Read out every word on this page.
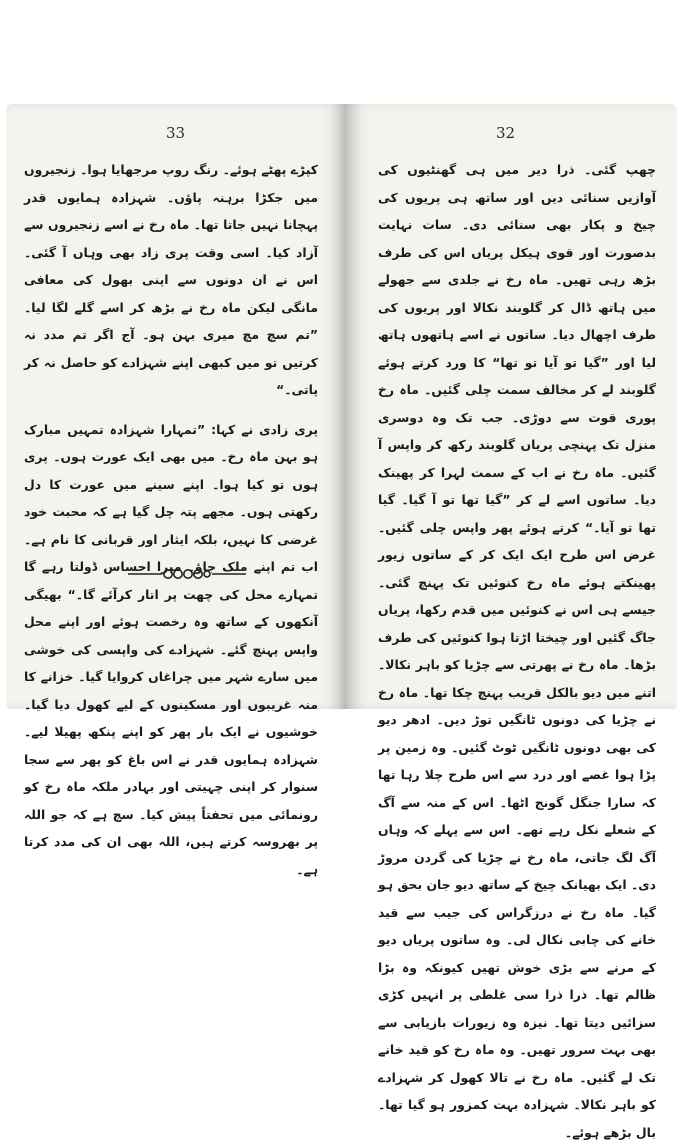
33

کپڑے پھٹے ہوئے۔ رنگ روپ مرجھایا ہوا۔ زنجیروں میں جکڑا برہنہ پاؤں۔ شہزادہ ہمایوں قدر پہچانا نہیں جاتا تھا۔ ماہ رخ نے اسے زنجیروں سے آزاد کیا۔ اسی وقت پری زاد بھی وہاں آ گئی۔ اس نے ان دونوں سے اپنی بھول کی معافی مانگی لیکن ماہ رخ نے بڑھ کر اسے گلے لگا لیا۔ ”تم سچ مچ میری بہن ہو۔ آج اگر تم مدد نہ کرتیں تو میں کبھی اپنے شہزادے کو حاصل نہ کر پاتی۔“

پری زادی نے کہا: ”تمہارا شہزادہ تمہیں مبارک ہو بہن ماہ رخ۔ میں بھی ایک عورت ہوں۔ پری ہوں تو کیا ہوا۔ اپنے سینے میں عورت کا دل رکھتی ہوں۔ مجھے پتہ چل گیا ہے کہ محبت خود غرضی کا نہیں، بلکہ ایثار اور قربانی کا نام ہے۔ اب تم اپنے ملک جاؤ۔ میرا احساس ڈولتا رہے گا تمہارے محل کی چھت پر اتار کرآئے گا۔“ بھیگی آنکھوں کے ساتھ وہ رخصت ہوئے اور اپنے محل واپس پہنچ گئے۔ شہزادے کی واپسی کی خوشی میں سارے شہر میں چراغاں کروایا گیا۔ خزانے کا منہ غریبوں اور مسکینوں کے لیے کھول دیا گیا۔ خوشیوں نے ایک بار پھر کو اپنے پنکھ پھیلا لیے۔ شہزادہ ہمایوں قدر نے اس باغ کو پھر سے سجا سنوار کر اپنی چہیتی اور بہادر ملکہ ماہ رخ کو رونمائی میں تحفتاً پیش کیا۔ سچ ہے کہ جو اللہ پر بھروسہ کرتے ہیں، اللہ بھی ان کی مدد کرتا ہے۔

32

چھپ گئی۔ ذرا دیر میں ہی گھنٹیوں کی آوازیں سنائی دیں اور ساتھ ہی پریوں کی چیخ و پکار بھی سنائی دی۔ سات نہایت بدصورت اور قوی ہیکل پریاں اس کی طرف بڑھ رہی تھیں۔ ماہ رخ نے جلدی سے جھولے میں ہاتھ ڈال کر گلوبند نکالا اور پریوں کی طرف اچھال دیا۔ ساتوں نے اسے ہاتھوں ہاتھ لیا اور ”گیا تو آیا تو تھا“ کا ورد کرتے ہوئے گلوبند لے کر مخالف سمت چلی گئیں۔ ماہ رخ پوری قوت سے دوڑی۔ جب تک وہ دوسری منزل تک پہنچی پریاں گلوبند رکھ کر واپس آ گئیں۔ ماہ رخ نے اب کے سمت لہرا کر پھینک دیا۔ ساتوں اسے لے کر ”گیا تھا تو آ گیا۔ گیا تھا تو آیا۔“ کرتے ہوئے پھر واپس چلی گئیں۔ غرض اس طرح ایک ایک کر کے ساتوں زیور پھینکتے ہوئے ماہ رخ کنوئیں تک پہنچ گئی۔ جیسے ہی اس نے کنوئیں میں قدم رکھا، پریاں جاگ گئیں اور چیختا اڑتا ہوا کنوئیں کی طرف بڑھا۔ ماہ رخ نے پھرتی سے چڑیا کو باہر نکالا۔ اتنے میں دیو بالکل قریب پہنچ چکا تھا۔ ماہ رخ نے چڑیا کی دونوں ٹانگیں توڑ دیں۔ ادھر دیو کی بھی دونوں ٹانگیں ٹوٹ گئیں۔ وہ زمین پر پڑا ہوا غصے اور درد سے اس طرح چلا رہا تھا کہ سارا جنگل گونج اٹھا۔ اس کے منہ سے آگ کے شعلے نکل رہے تھے۔ اس سے پہلے کہ وہاں آگ لگ جاتی، ماہ رخ نے چڑیا کی گردن مروڑ دی۔ ایک بھیانک چیخ کے ساتھ دیو جان بحق ہو گیا۔ ماہ رخ نے درزگراس کی جیب سے قید خانے کی چابی نکال لی۔ وہ ساتوں پریاں دیو کے مرنے سے بڑی خوش تھیں کیونکہ وہ بڑا ظالم تھا۔ ذرا ذرا سی غلطی پر انہیں کڑی سزائیں دیتا تھا۔ نیزہ وہ زیورات بازیابی سے بھی بہت سرور تھیں۔ وہ ماہ رخ کو قید خانے تک لے گئیں۔ ماہ رخ نے تالا کھول کر شہزادے کو باہر نکالا۔ شہزادہ بہت کمزور ہو گیا تھا۔ بال بڑھے ہوئے۔
